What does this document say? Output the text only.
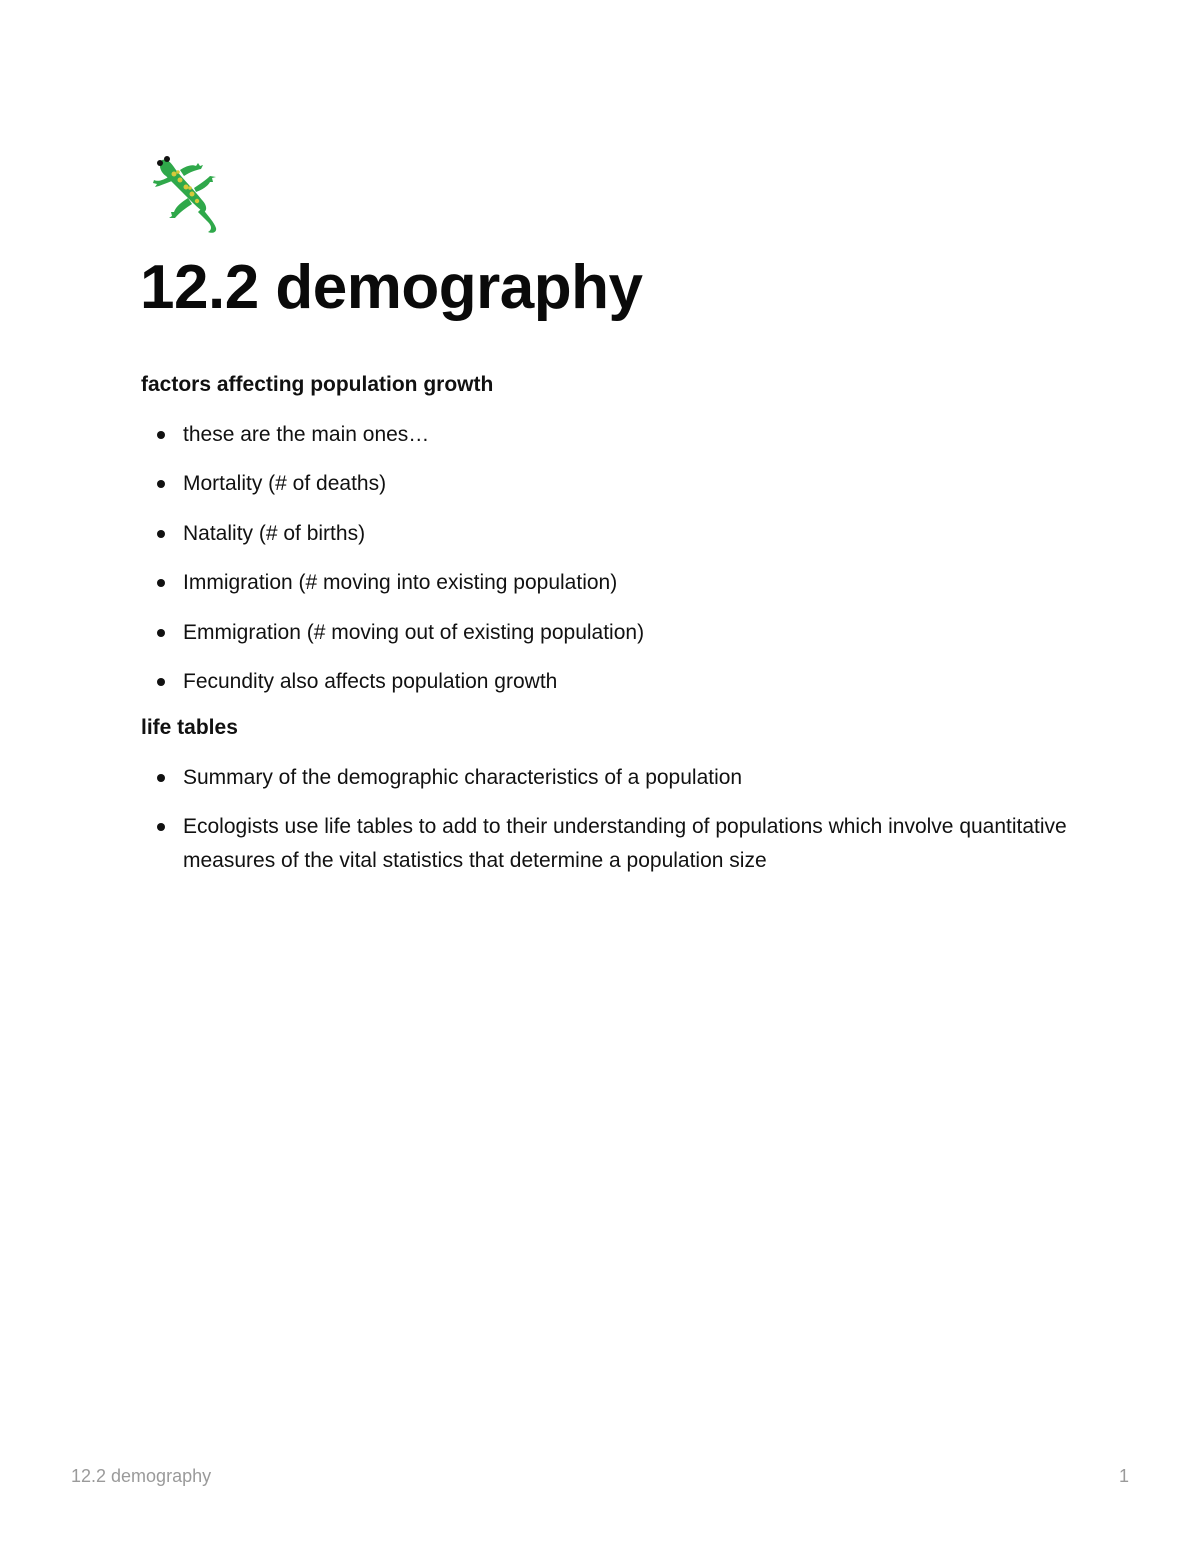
12.2 demography
factors affecting population growth
these are the main ones…
Mortality (# of deaths)
Natality (# of births)
Immigration (# moving into existing population)
Emmigration (# moving out of existing population)
Fecundity also affects population growth
life tables
Summary of the demographic characteristics of a population
Ecologists use life tables to add to their understanding of populations which involve quantitative measures of the vital statistics that determine a population size
12.2 demography	1
